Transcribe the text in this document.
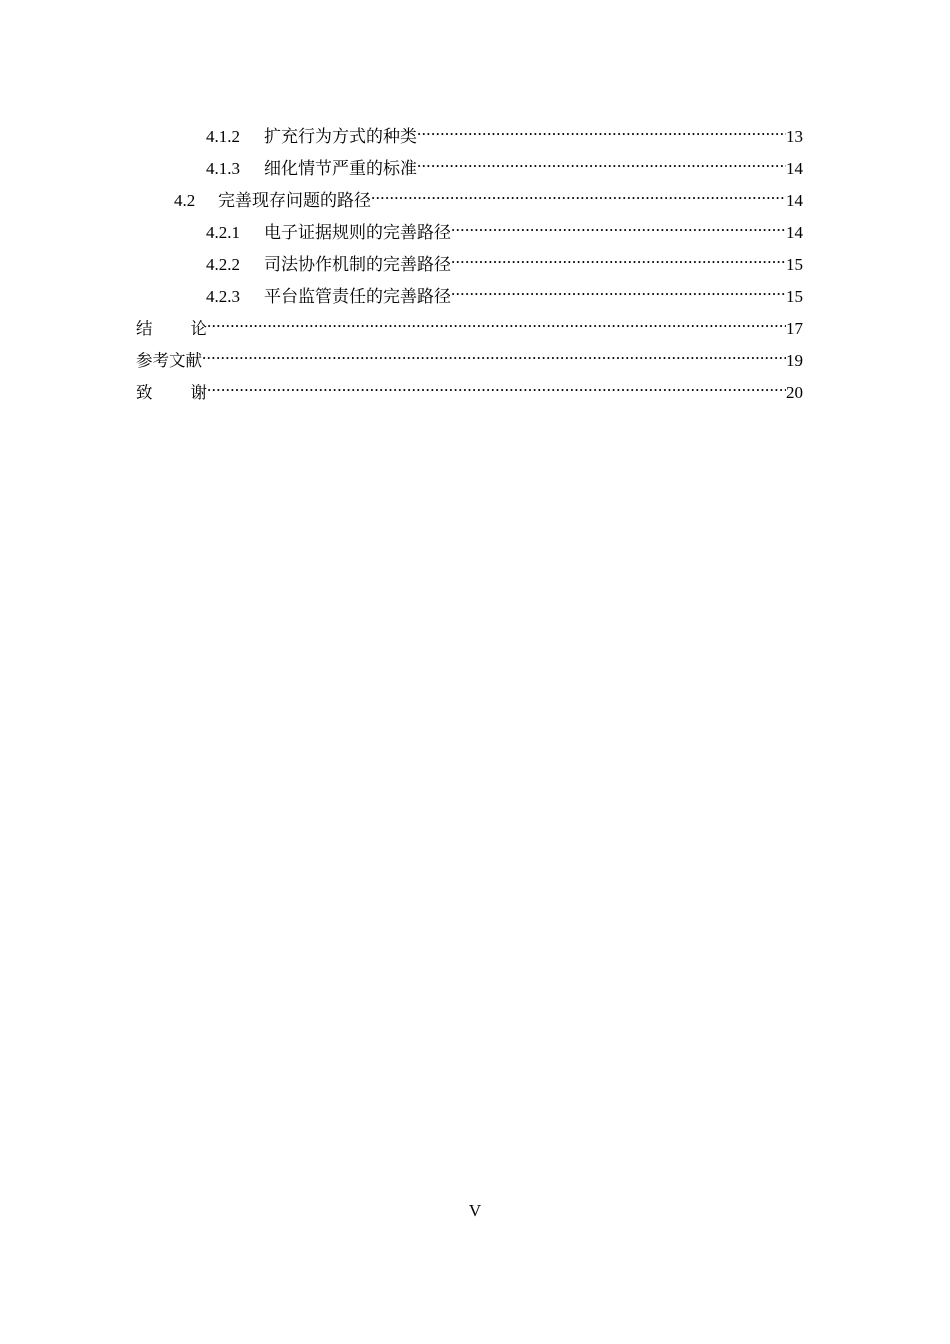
4.1.2	扩充行为方式的种类 .....	13
4.1.3	细化情节严重的标准 .....	14
4.2	完善现存问题的路径 .....	14
4.2.1	电子证据规则的完善路径 .....	14
4.2.2	司法协作机制的完善路径 .....	15
4.2.3	平台监管责任的完善路径 .....	15
结论 .....	17
参考文献 .....	19
致谢 .....	20
V
